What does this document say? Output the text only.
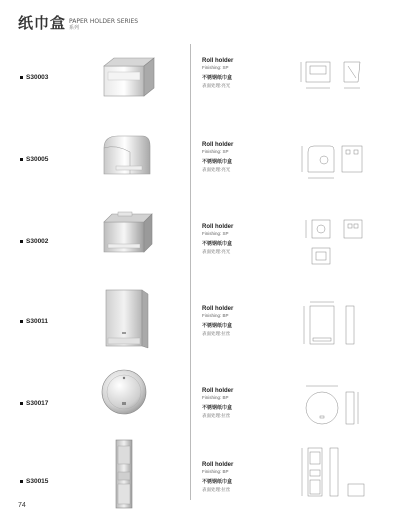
纸巾盒 PAPER HOLDER SERIES
系列
S30003
Roll holder
Finishing: SP
不锈钢纸巾盒
表面处理:亮光
S30005
Roll holder
Finishing: SP
不锈钢纸巾盒
表面处理:亮光
S30002
Roll holder
Finishing: SP
不锈钢纸巾盒
表面处理:亮光
S30011
Roll holder
Finishing: BP
不锈钢纸巾盒
表面处理:拉丝
S30017
Roll holder
Finishing: BP
不锈钢纸巾盒
表面处理:拉丝
S30015
Roll holder
Finishing: BP
不锈钢纸巾盒
表面处理:拉丝
74
